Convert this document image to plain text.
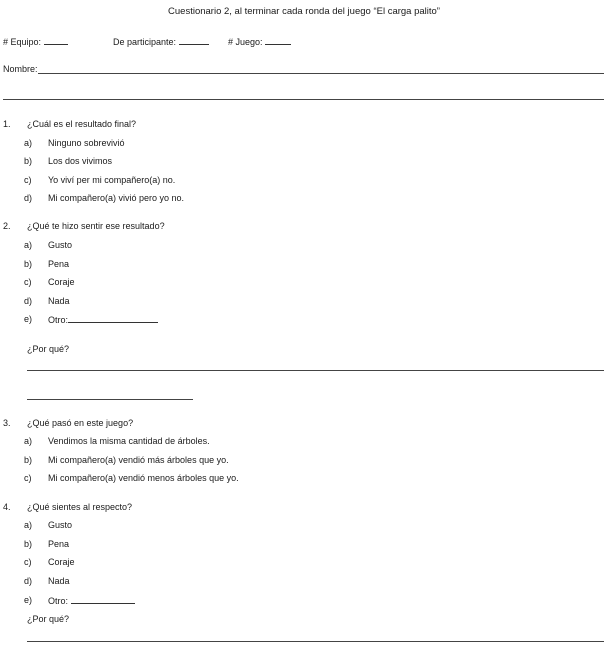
Cuestionario 2, al terminar cada ronda del juego “El carga palito”
# Equipo:	De participante:	# Juego:
Nombre:
1. ¿Cuál es el resultado final?
a) Ninguno sobrevivió
b) Los dos vivimos
c) Yo viví per mi compañero(a) no.
d) Mi compañero(a) vivió pero yo no.
2. ¿Qué te hizo sentir ese resultado?
a) Gusto
b) Pena
c) Coraje
d) Nada
e) Otro:
¿Por qué?
3. ¿Qué pasó en este juego?
a) Vendimos la misma cantidad de árboles.
b) Mi compañero(a) vendió más árboles que yo.
c) Mi compañero(a) vendió menos árboles que yo.
4. ¿Qué sientes al respecto?
a) Gusto
b) Pena
c) Coraje
d) Nada
e) Otro:
¿Por qué?
